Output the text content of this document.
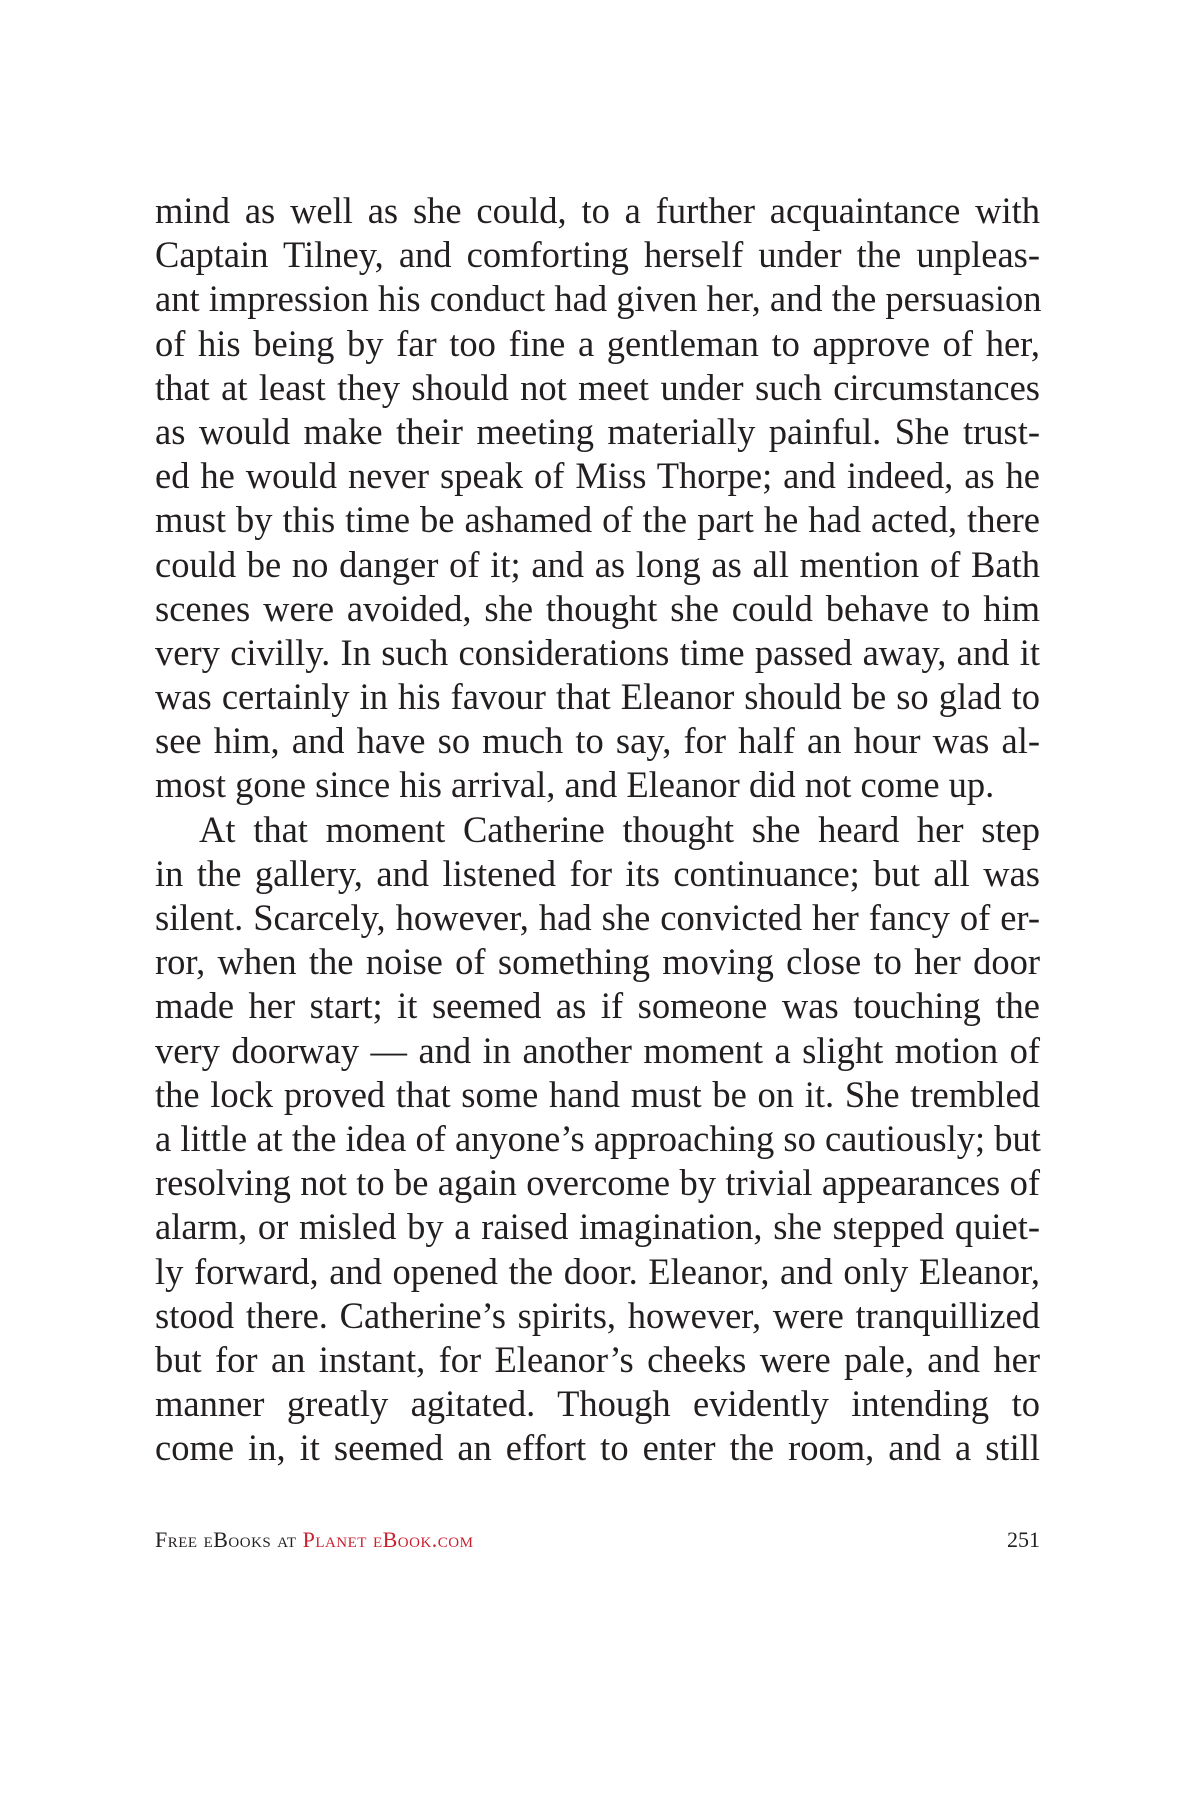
mind as well as she could, to a further acquaintance with
Captain Tilney, and comforting herself under the unpleas-
ant impression his conduct had given her, and the persuasion
of his being by far too fine a gentleman to approve of her,
that at least they should not meet under such circumstances
as would make their meeting materially painful. She trust-
ed he would never speak of Miss Thorpe; and indeed, as he
must by this time be ashamed of the part he had acted, there
could be no danger of it; and as long as all mention of Bath
scenes were avoided, she thought she could behave to him
very civilly. In such considerations time passed away, and it
was certainly in his favour that Eleanor should be so glad to
see him, and have so much to say, for half an hour was al-
most gone since his arrival, and Eleanor did not come up.
At that moment Catherine thought she heard her step
in the gallery, and listened for its continuance; but all was
silent. Scarcely, however, had she convicted her fancy of er-
ror, when the noise of something moving close to her door
made her start; it seemed as if someone was touching the
very doorway — and in another moment a slight motion of
the lock proved that some hand must be on it. She trembled
a little at the idea of anyone’s approaching so cautiously; but
resolving not to be again overcome by trivial appearances of
alarm, or misled by a raised imagination, she stepped quiet-
ly forward, and opened the door. Eleanor, and only Eleanor,
stood there. Catherine’s spirits, however, were tranquillized
but for an instant, for Eleanor’s cheeks were pale, and her
manner greatly agitated. Though evidently intending to
come in, it seemed an effort to enter the room, and a still
Free eBooks at Planet eBook.com	251
